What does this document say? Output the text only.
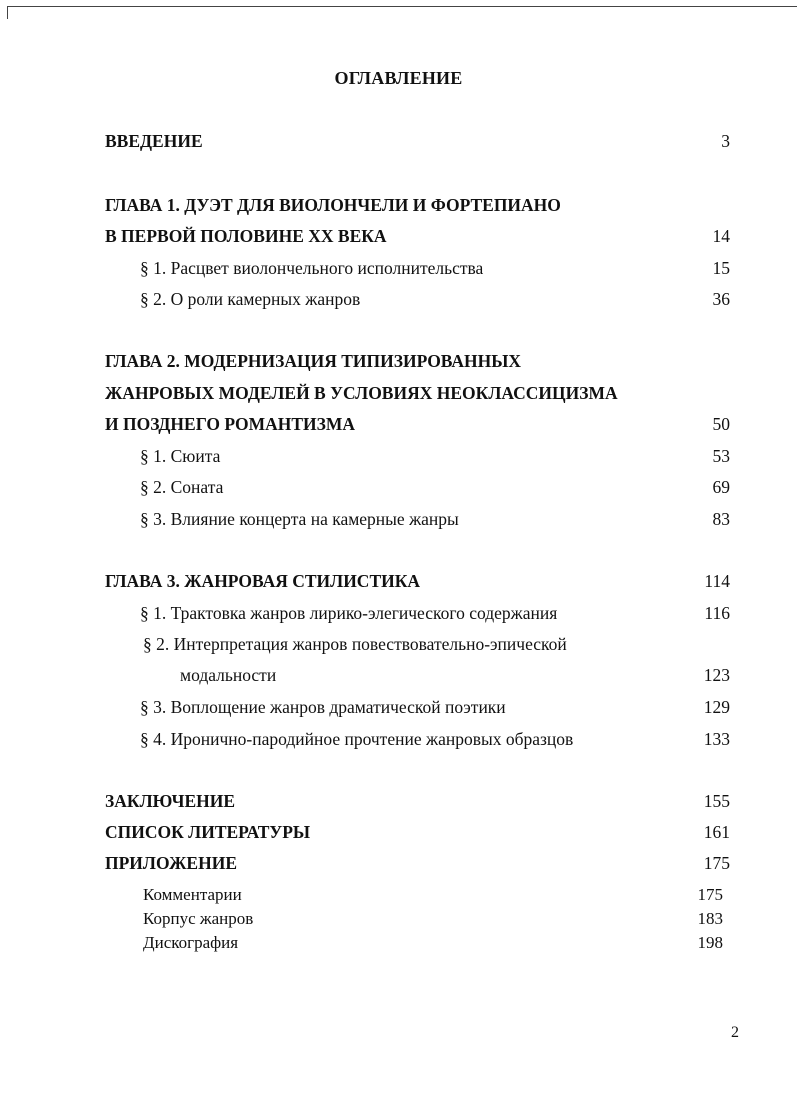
ОГЛАВЛЕНИЕ
ВВЕДЕНИЕ	3
ГЛАВА 1. ДУЭТ ДЛЯ ВИОЛОНЧЕЛИ И ФОРТЕПИАНО
В ПЕРВОЙ ПОЛОВИНЕ XX ВЕКА	14
§ 1. Расцвет виолончельного исполнительства	15
§ 2. О роли камерных жанров	36
ГЛАВА 2. МОДЕРНИЗАЦИЯ ТИПИЗИРОВАННЫХ
ЖАНРОВЫХ МОДЕЛЕЙ В УСЛОВИЯХ НЕОКЛАССИЦИЗМА
И ПОЗДНЕГО РОМАНТИЗМА	50
§ 1. Сюита	53
§ 2. Соната	69
§ 3. Влияние концерта на камерные жанры	83
ГЛАВА 3. ЖАНРОВАЯ СТИЛИСТИКА	114
§ 1. Трактовка жанров лирико-элегического содержания	116
§ 2. Интерпретация жанров повествовательно-эпической
модальности	123
§ 3. Воплощение жанров драматической поэтики	129
§ 4. Иронично-пародийное прочтение жанровых образцов	133
ЗАКЛЮЧЕНИЕ	155
СПИСОК ЛИТЕРАТУРЫ	161
ПРИЛОЖЕНИЕ	175
Комментарии	175
Корпус жанров	183
Дискография	198
2
